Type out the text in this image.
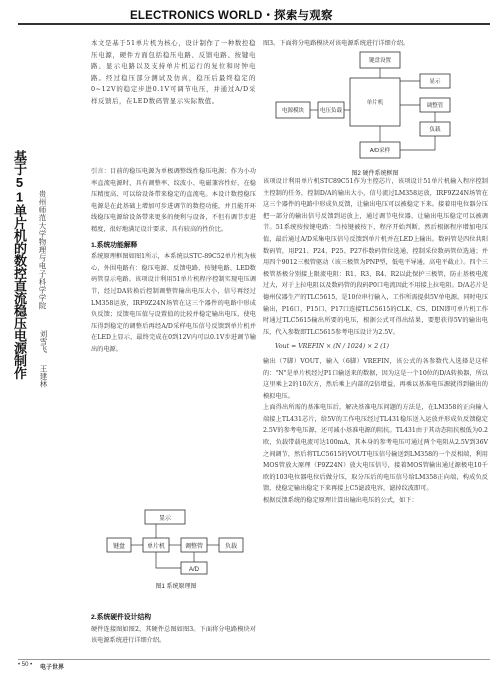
ELECTRONICS WORLD・探索与观察
基于51单片机的数控直流稳压电源制作 贵州师范大学物理与电子科学学院
刘雪飞
王建林
本文是基于51单片机为核心，设计制作了一种数控稳压电源，硬件方面包括稳压电路、反馈电路、按键电路、显示电路以及支持单片机运行的复位和时钟电路。经过稳压部分测试及仿真，稳压后最终稳定的0~12V的稳定步进0.1V可调节电压，并通过A/D采样反馈后，在LED数码管显示实际数值。

引言：目前的稳压电源为单极调整线性稳压电源；作为小功率直流电源时，具有调整率、纹波小、电磁兼容性好，在稳压精度高、可以给设备带来稳定的直流电。本设计数控稳压电源是在此基础上增加可步进调节的数控功能，并且能开环线稳压电源给设备带来更多的便利与设备，不但有调节步进精度，很好地满足设计要求，具有较高的性价比。

1.系统功能解释

系统原理框图如图1所示，本系统以STC-89C52单片机为核心，外围电路有：稳压电源、反馈电路、按键电路、LED数码管显示电路。该项设计利用51单片机程序控制实现电压调节，经过DA转换后控制调整管输出电压大小，信号再经过LM358运放，IRF9Z24N场管在这三个器件的电路中形成负反馈；反馈电压值与设置值的比较并稳定输出电压，使电压得到稳定的调整后再经A/D采样电压信号反馈到单片机并在LED上显示，最终完成在0到12V内可以0.1V步进调节输出的电源。

显示
键盘	单片机	调整管	负载
A/D
图1 系统原理图

2.系统硬件设计结构

硬件连接图如图2，其硬件总图如图3。下面将分电路模块对该电源系统进行详细介绍。

图3。下面将分电路模块对该电源系统进行详细介绍。

键盘设置
显示
电源模块
单片机	调整管
电压负载
负载
A/D采样
图2 硬件系统框图

该项设计利用单片机STC89C51作为主控芯片，该项设计51单片机输入程序控制主控制的任务，控制D/A的输出大小，信号流过LM358运放，IRF9Z24N场管在这三个器件的电路中形成负反馈，让输出电压可以被稳定下来。接着用电位器分压把一部分的输出信号反馈到运放上，通过调节电位器，让输出电压稳定可以被调节。51系统按按键电路：当按键被按下，程序开始判断，然后根据程序增加电压值，最后通过A/D采集电压信号反馈到单片机并在LED上输出。数码管是四位共阳数码管，用P21、P24、P25、P27作数码管位选通，控制采位数码管位选通；并用四个9012三极管驱动（该三极管为PNP型，低电平导通，高电平截止）。四个三极管基极分别接上限流电阻：R1、R3、R4、R2以此保护三极管，防止基极电流过大，对于上拉电阻以及数码管的段码P0口电流因此不用接上拉电阻。D/A芯片是德州仪器生产的TLC5615，是10位串行输入，工作所需提供5V单电源。同时电压输出，P16口、P15口、P17口连接TLC5615的CLK、CS、DIN即可单片机工作时通过TLC5615输出所要的电压，根据公式可得出结果，要想获得5V的输出电压，代入参数即TLC5615参考电压设计为2.5V。

Vout = VREFIN × (N / 1024) × 2 (1)

输出（7脚）VOUT，输入（6脚）VREFIN，该公式的各参数代入选择是这样的："N"是单片机经过P1口输送来的数据，因为这是一个10位的D/A转换器，所以这里乘上2的10次方，然后乘上内部的2倍增益，再乘以基准电压源就得到输出的模拟电压。

上面得出所需的基准电压后，解决基准电压问题的方法是，在LM358的正向输入端接上TL431芯片，给5V的工作电压经过TL431稳压送入运放并形成负反馈稳定2.5V的参考电压源，还可减小基准电源的阻抗。TL431由于其动态阻抗极低为0.2欧，负载带载电流可达100mA，其本身的参考电压可通过两个电阻从2.5V到36V之间调节，然后将TLC5615的VOUT电压信号输送到LM358的一个反相端，利用MOS管放大原理（F9Z24N）放大电压信号，接着MOS管输出通过源极电10千欧的103电位器电位后做分压，取分压后的电压信号给LM358正向端，构成负反馈，使稳定输出稳定下来再接上C5滤波电容，滤掉纹波即可。

根据反馈系统的稳定原理计算出输出电压的公式，如下：

• 50 • 电子世界
